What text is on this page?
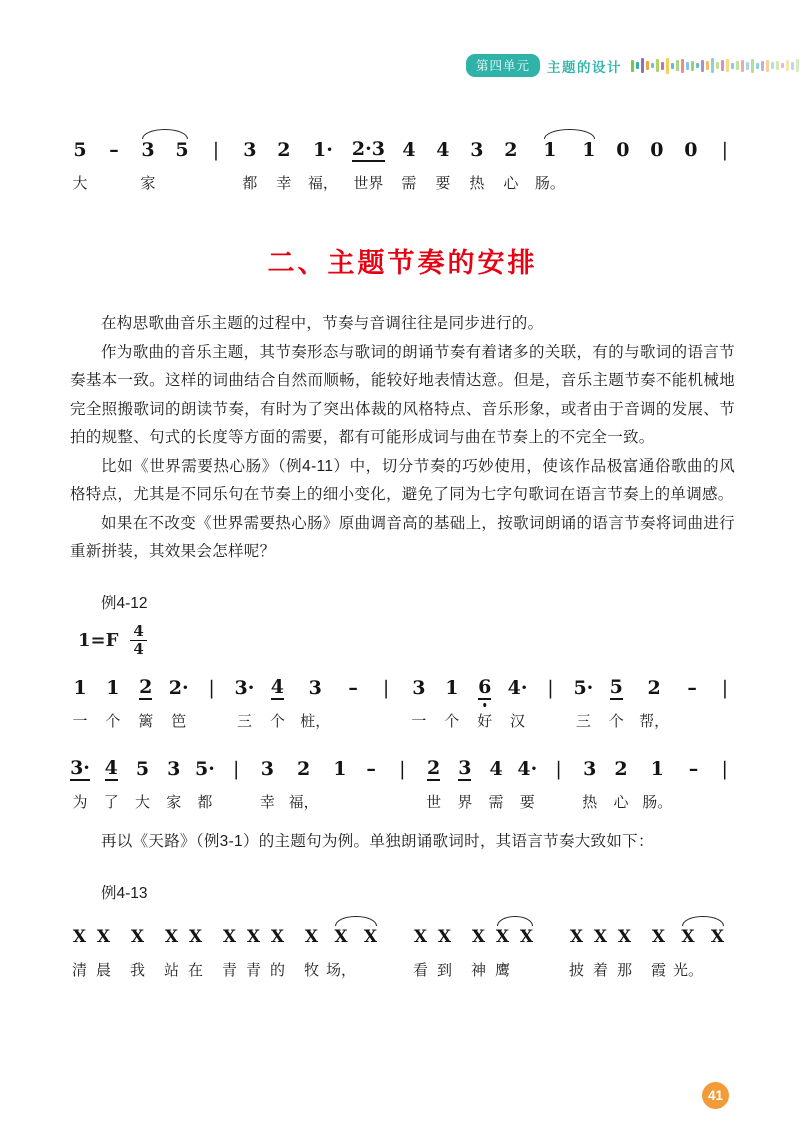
第四单元	主题的设计
5
大
– 3
家
5 | 3
都
2
幸
1·
福，
2·3
世界
4
需
4
要
3
热
2
心
1
肠。
1 0 0 0 |
二、主题节奏的安排

在构思歌曲音乐主题的过程中，节奏与音调往往是同步进行的。

作为歌曲的音乐主题，其节奏形态与歌词的朗诵节奏有着诸多的关联，有的与歌词的语言节奏基本一致。这样的词曲结合自然而顺畅，能较好地表情达意。但是，音乐主题节奏不能机械地完全照搬歌词的朗读节奏，有时为了突出体裁的风格特点、音乐形象，或者由于音调的发展、节拍的规整、句式的长度等方面的需要，都有可能形成词与曲在节奏上的不完全一致。

比如《世界需要热心肠》（例4-11）中，切分节奏的巧妙使用，使该作品极富通俗歌曲的风格特点，尤其是不同乐句在节奏上的细小变化，避免了同为七字句歌词在语言节奏上的单调感。

如果在不改变《世界需要热心肠》原曲调音高的基础上，按歌词朗诵的语言节奏将词曲进行重新拼装，其效果会怎样呢？

例4-12

$1=F \frac{4}{4}$
1
一
1
个
2
篱
2·
笆
| 3·
三
4
个
3
桩，
– | 3
一
1
个
6
好
4·
汉
| 5·
三
5
个
2
帮，
– |
3·
为
4
了
5
大
3
家
5·
都
| 3
幸
2
福，
1 – | 2
世
3
界
4
需
4·
要
| 3
热
2
心
1
肠。
– |

再以《天路》（例3-1）的主题句为例。单独朗诵歌词时，其语言节奏大致如下：

例4-13

X
清
X
晨
X
我
X
站
X
在
X
青
X
青
X
的
X
牧
X
场，
X X
看
X
到
X
神
X
鹰
X X
披
X
着
X
那
X
霞
X
光。
X
41
